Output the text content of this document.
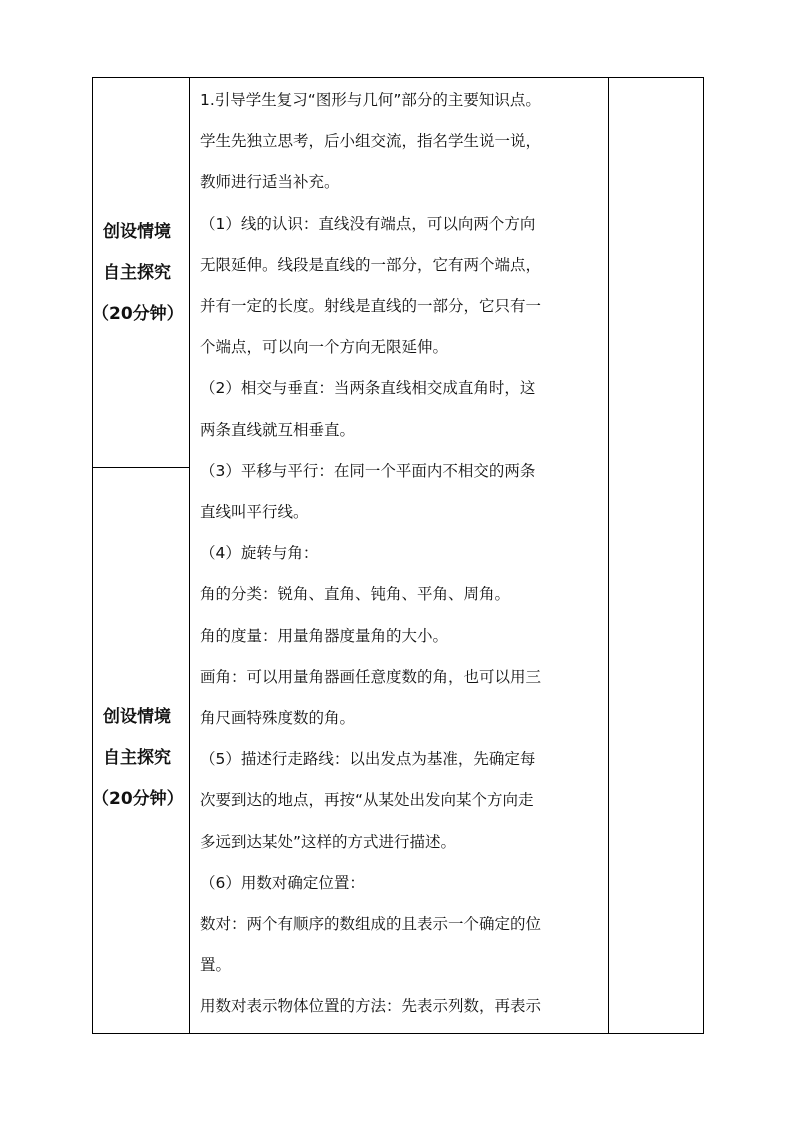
创设情境
自主探究
（20分钟）
创设情境
自主探究
（20分钟）

1.引导学生复习“图形与几何”部分的主要知识点。

学生先独立思考，后小组交流，指名学生说一说，

教师进行适当补充。

（1）线的认识：直线没有端点，可以向两个方向

无限延伸。线段是直线的一部分，它有两个端点，

并有一定的长度。射线是直线的一部分，它只有一

个端点，可以向一个方向无限延伸。

（2）相交与垂直：当两条直线相交成直角时，这

两条直线就互相垂直。

（3）平移与平行：在同一个平面内不相交的两条

直线叫平行线。

（4）旋转与角：

角的分类：锐角、直角、钝角、平角、周角。

角的度量：用量角器度量角的大小。

画角：可以用量角器画任意度数的角，也可以用三

角尺画特殊度数的角。

（5）描述行走路线：以出发点为基准，先确定每

次要到达的地点，再按“从某处出发向某个方向走

多远到达某处”这样的方式进行描述。

（6）用数对确定位置：

数对：两个有顺序的数组成的且表示一个确定的位

置。

用数对表示物体位置的方法：先表示列数，再表示
